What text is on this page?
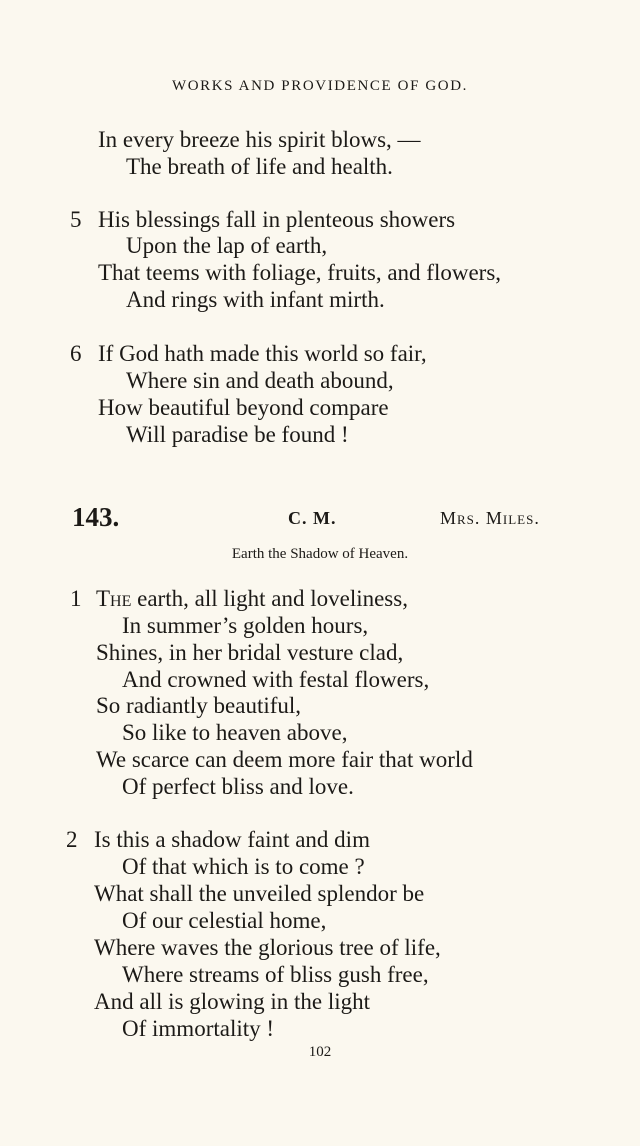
WORKS AND PROVIDENCE OF GOD.
In every breeze his spirit blows, —
The breath of life and health.
5 His blessings fall in plenteous showers
Upon the lap of earth,
That teems with foliage, fruits, and flowers,
And rings with infant mirth.
6 If God hath made this world so fair,
Where sin and death abound,
How beautiful beyond compare
Will paradise be found !
143.	C. M.	Mrs. Miles.
Earth the Shadow of Heaven.
1 The earth, all light and loveliness,
In summer’s golden hours,
Shines, in her bridal vesture clad,
And crowned with festal flowers,
So radiantly beautiful,
So like to heaven above,
We scarce can deem more fair that world
Of perfect bliss and love.
2 Is this a shadow faint and dim
Of that which is to come ?
What shall the unveiled splendor be
Of our celestial home,
Where waves the glorious tree of life,
Where streams of bliss gush free,
And all is glowing in the light
Of immortality !
102
